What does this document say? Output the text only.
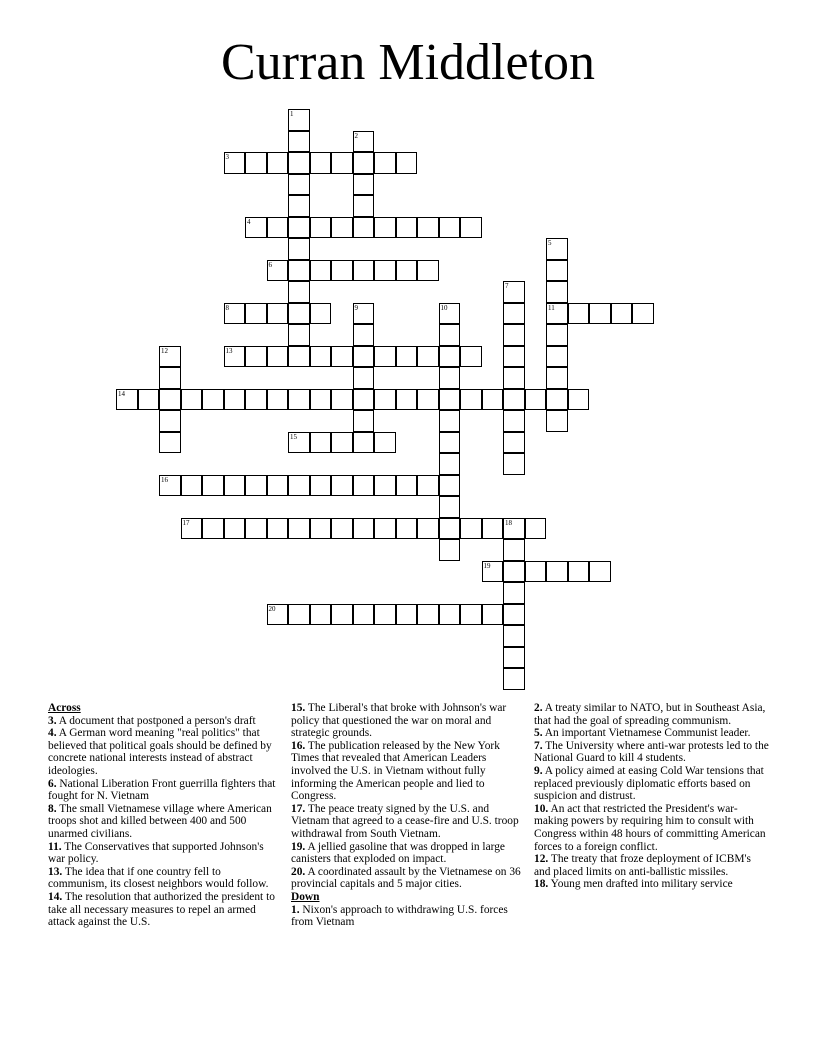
Curran Middleton
1
2
3
4
5
11
6
7
8	9	10
12	13
14
15
16
17	18
19
20

Across

3. A document that postponed a person's draft

4. A German word meaning "real politics" that believed that political goals should be defined by concrete national interests instead of abstract ideologies.

6. National Liberation Front guerrilla fighters that fought for N. Vietnam

8. The small Vietnamese village where American troops shot and killed between 400 and 500 unarmed civilians.

11. The Conservatives that supported Johnson's war policy.

13. The idea that if one country fell to communism, its closest neighbors would follow.

14. The resolution that authorized the president to take all necessary measures to repel an armed attack against the U.S.

15. The Liberal's that broke with Johnson's war policy that questioned the war on moral and strategic grounds.

16. The publication released by the New York Times that revealed that American Leaders involved the U.S. in Vietnam without fully informing the American people and lied to Congress.

17. The peace treaty signed by the U.S. and Vietnam that agreed to a cease-fire and U.S. troop withdrawal from South Vietnam.

19. A jellied gasoline that was dropped in large canisters that exploded on impact.

20. A coordinated assault by the Vietnamese on 36 provincial capitals and 5 major cities.

Down

1. Nixon's approach to withdrawing U.S. forces from Vietnam

2. A treaty similar to NATO, but in Southeast Asia, that had the goal of spreading communism.

5. An important Vietnamese Communist leader.

7. The University where anti-war protests led to the National Guard to kill 4 students.

9. A policy aimed at easing Cold War tensions that replaced previously diplomatic efforts based on suspicion and distrust.

10. An act that restricted the President's war-making powers by requiring him to consult with Congress within 48 hours of committing American forces to a foreign conflict.

12. The treaty that froze deployment of ICBM's and placed limits on anti-ballistic missiles.

18. Young men drafted into military service
